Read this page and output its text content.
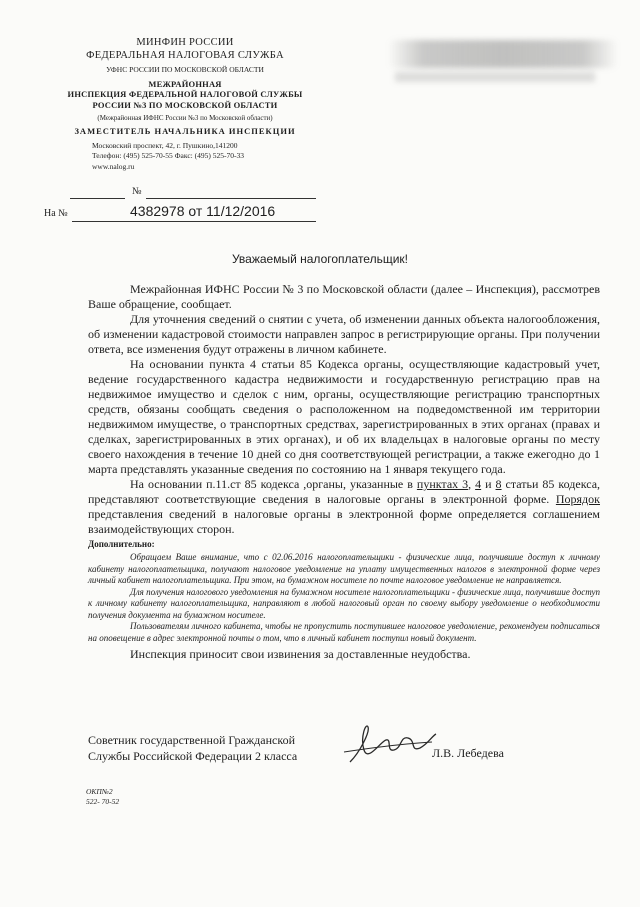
МИНФИН РОССИИ
ФЕДЕРАЛЬНАЯ НАЛОГОВАЯ СЛУЖБА
УФНС РОССИИ ПО МОСКОВСКОЙ ОБЛАСТИ
МЕЖРАЙОННАЯ
ИНСПЕКЦИЯ ФЕДЕРАЛЬНОЙ НАЛОГОВОЙ СЛУЖБЫ
РОССИИ №3 ПО МОСКОВСКОЙ ОБЛАСТИ
(Межрайонная ИФНС России №3 по Московской области)
ЗАМЕСТИТЕЛЬ НАЧАЛЬНИКА ИНСПЕКЦИИ
Московский проспект, 42, г. Пушкино,141200
Телефон: (495) 525-70-55 Факс: (495) 525-70-33
www.nalog.ru
№
На №	4382978 от 11/12/2016
Уважаемый налогоплательщик!

Межрайонная ИФНС России № 3 по Московской области (далее – Инспекция), рассмотрев Ваше обращение, сообщает.

Для уточнения сведений о снятии с учета, об изменении данных объекта налогообложения, об изменении кадастровой стоимости направлен запрос в регистрирующие органы. При получении ответа, все изменения будут отражены в личном кабинете.

На основании пункта 4 статьи 85 Кодекса органы, осуществляющие кадастровый учет, ведение государственного кадастра недвижимости и государственную регистрацию прав на недвижимое имущество и сделок с ним, органы, осуществляющие регистрацию транспортных средств, обязаны сообщать сведения о расположенном на подведомственной им территории недвижимом имуществе, о транспортных средствах, зарегистрированных в этих органах (правах и сделках, зарегистрированных в этих органах), и об их владельцах в налоговые органы по месту своего нахождения в течение 10 дней со дня соответствующей регистрации, а также ежегодно до 1 марта представлять указанные сведения по состоянию на 1 января текущего года.

На основании п.11.ст 85 кодекса ,органы, указанные в пунктах 3, 4 и 8 статьи 85 кодекса, представляют соответствующие сведения в налоговые органы в электронной форме. Порядок представления сведений в налоговые органы в электронной форме определяется соглашением взаимодействующих сторон.

Дополнительно:

Обращаем Ваше внимание, что с 02.06.2016 налогоплательщики - физические лица, получившие доступ к личному кабинету налогоплательщика, получают налоговое уведомление на уплату имущественных налогов в электронной форме через личный кабинет налогоплательщика. При этом, на бумажном носителе по почте налоговое уведомление не направляется.

Для получения налогового уведомления на бумажном носителе налогоплательщики - физические лица, получившие доступ к личному кабинету налогоплательщика, направляют в любой налоговый орган по своему выбору уведомление о необходимости получения документа на бумажном носителе.

Пользователям личного кабинета, чтобы не пропустить поступившее налоговое уведомление, рекомендуем подписаться на оповещение в адрес электронной почты о том, что в личный кабинет поступил новый документ.

Инспекция приносит свои извинения за доставленные неудобства.

Советник государственной Гражданской
Службы Российской Федерации 2 класса	Л.В. Лебедева
ОКП№2
522- 70-52
